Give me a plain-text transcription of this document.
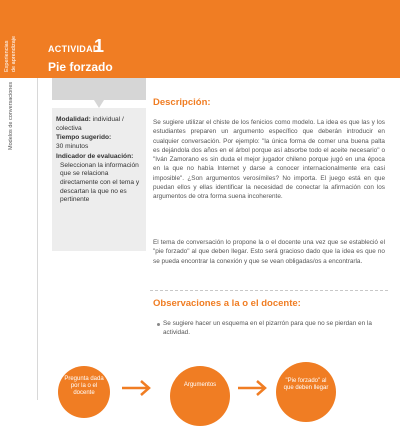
Experiencias de aprendizaje
Modelos de conversaciones
ACTIVIDAD
1
Pie forzado
Modalidad: individual / colectiva
Tiempo sugerido:
30 minutos
Indicador de evaluación:
Seleccionan la información que se relaciona directamente con el tema y descartan la que no es pertinente
Descripción:
Se sugiere utilizar el chiste de los fenicios como modelo. La idea es que las y los estudiantes preparen un argumento específico que deberán introducir en cualquier conversación. Por ejemplo: "la única forma de comer una buena palta es dejándola dos años en el árbol porque así absorbe todo el aceite necesario" o "Iván Zamorano es sin duda el mejor jugador chileno porque jugó en una época en la que no había Internet y darse a conocer internacionalmente era casi imposible". ¿Son argumentos verosímiles? No importa. El juego está en que puedan ellos y ellas identificar la necesidad de conectar la afirmación con los argumentos de otra forma suena incoherente.
El tema de conversación lo propone la o el docente una vez que se estableció el "pie forzado" al que deben llegar. Esto será gracioso dado que la idea es que no se pueda encontrar la conexión y que se vean obligadas/os a encontrarla.
Observaciones a la o el docente:
Se sugiere hacer un esquema en el pizarrón para que no se pierdan en la actividad.
Pregunta dada por la o el docente
Argumentos
"Pie forzado" al que deben llegar
